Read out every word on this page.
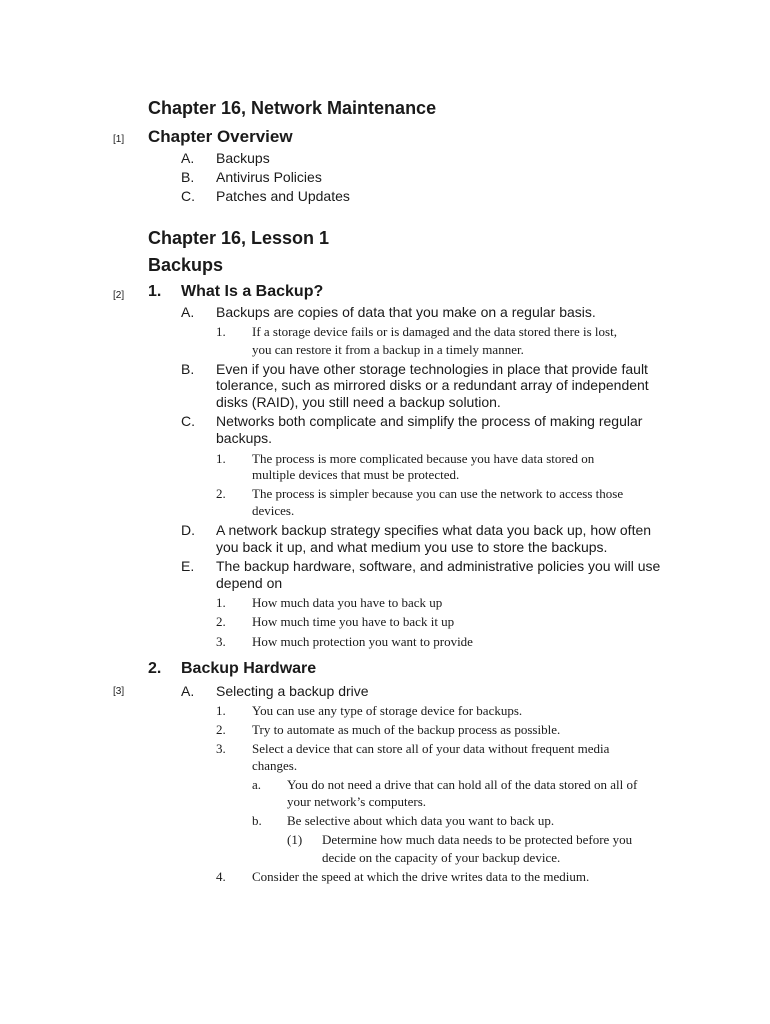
Chapter 16, Network Maintenance
[1] Chapter Overview
A. Backups
B. Antivirus Policies
C. Patches and Updates
Chapter 16, Lesson 1
Backups
[2] 1. What Is a Backup?
A. Backups are copies of data that you make on a regular basis.
1. If a storage device fails or is damaged and the data stored there is lost,
you can restore it from a backup in a timely manner.
B. Even if you have other storage technologies in place that provide fault
tolerance, such as mirrored disks or a redundant array of independent
disks (RAID), you still need a backup solution.
C. Networks both complicate and simplify the process of making regular
backups.
1. The process is more complicated because you have data stored on
multiple devices that must be protected.
2. The process is simpler because you can use the network to access those
devices.
D. A network backup strategy specifies what data you back up, how often
you back it up, and what medium you use to store the backups.
E. The backup hardware, software, and administrative policies you will use
depend on
1. How much data you have to back up
2. How much time you have to back it up
3. How much protection you want to provide
2. Backup Hardware
[3]	A. Selecting a backup drive
1. You can use any type of storage device for backups.
2. Try to automate as much of the backup process as possible.
3. Select a device that can store all of your data without frequent media
changes.
a. You do not need a drive that can hold all of the data stored on all of
your network’s computers.
b. Be selective about which data you want to back up.
(1) Determine how much data needs to be protected before you
decide on the capacity of your backup device.
4. Consider the speed at which the drive writes data to the medium.
